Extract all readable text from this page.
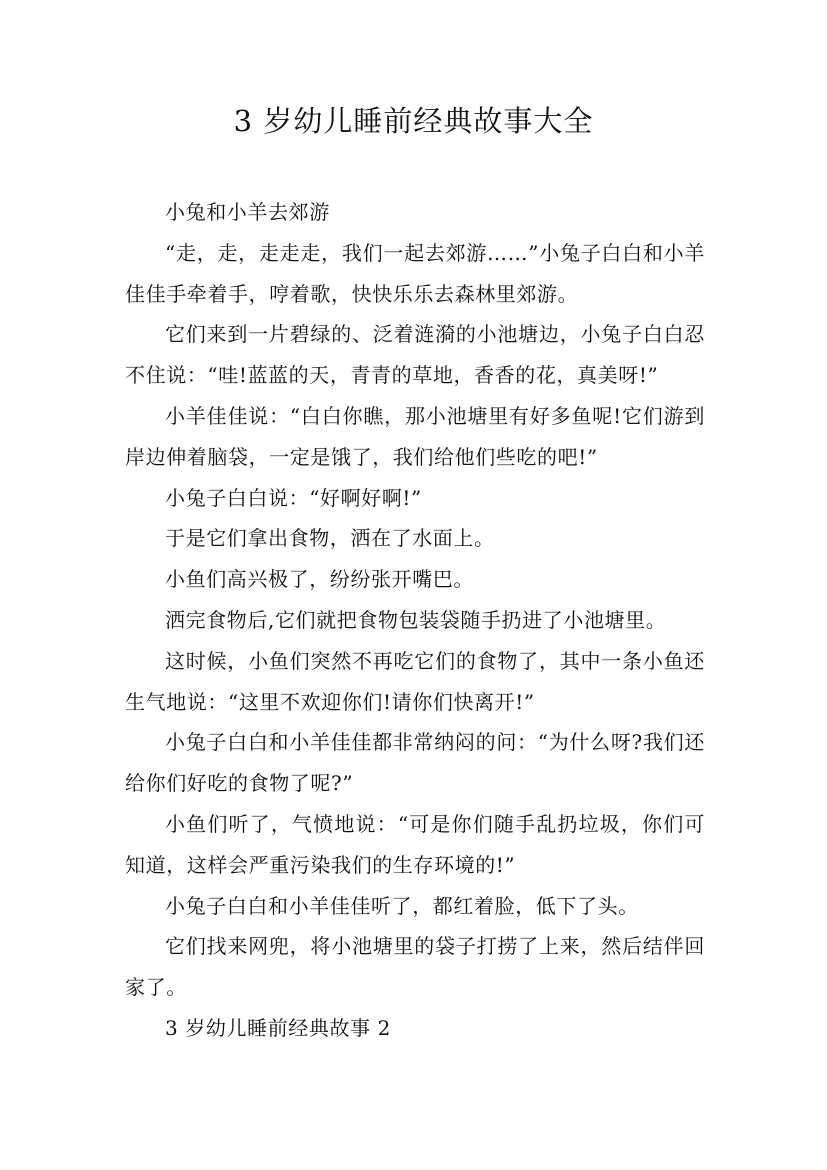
3 岁幼儿睡前经典故事大全

小兔和小羊去郊游

“走，走，走走走，我们一起去郊游……”小兔子白白和小羊佳佳手牵着手，哼着歌，快快乐乐去森林里郊游。

它们来到一片碧绿的、泛着涟漪的小池塘边，小兔子白白忍不住说：“哇!蓝蓝的天，青青的草地，香香的花，真美呀!”

小羊佳佳说：“白白你瞧，那小池塘里有好多鱼呢!它们游到岸边伸着脑袋，一定是饿了，我们给他们些吃的吧!”

小兔子白白说：“好啊好啊!”

于是它们拿出食物，洒在了水面上。

小鱼们高兴极了，纷纷张开嘴巴。

洒完食物后,它们就把食物包装袋随手扔进了小池塘里。

这时候，小鱼们突然不再吃它们的食物了，其中一条小鱼还生气地说：“这里不欢迎你们!请你们快离开!”

小兔子白白和小羊佳佳都非常纳闷的问：“为什么呀?我们还给你们好吃的食物了呢?”

小鱼们听了，气愤地说：“可是你们随手乱扔垃圾，你们可知道，这样会严重污染我们的生存环境的!”

小兔子白白和小羊佳佳听了，都红着脸，低下了头。

它们找来网兜，将小池塘里的袋子打捞了上来，然后结伴回家了。

3 岁幼儿睡前经典故事 2
